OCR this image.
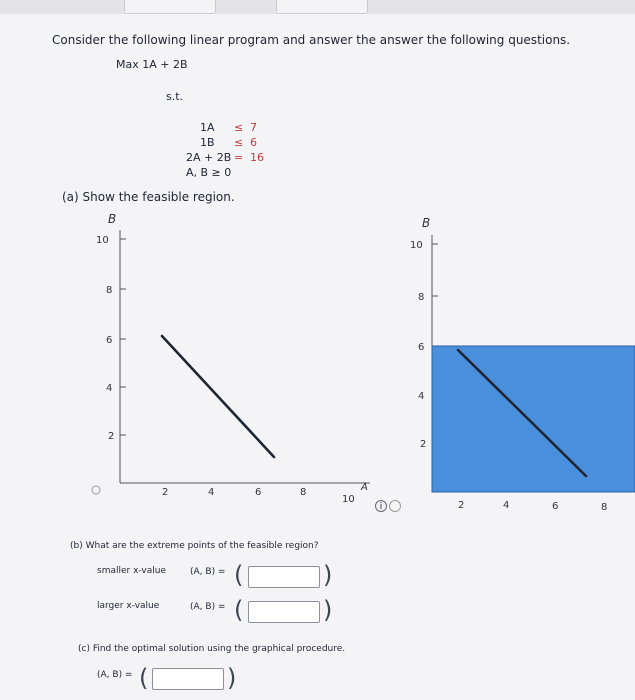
Consider the following linear program and answer the answer the following questions.
Max 1A + 2B
s.t.
1A ≤ 7
1B ≤ 6
2A + 2B = 16
A, B ≥ 0
(a) Show the feasible region.
B
A
10
8
6
4
2
2	4	6	8
10
B
10
8
6
4
2
2	4	6	8
(b) What are the extreme points of the feasible region?
smaller x-value	(A, B) = (	)
larger x-value	(A, B) = (	)
(c) Find the optimal solution using the graphical procedure.
(A, B) = (	)
